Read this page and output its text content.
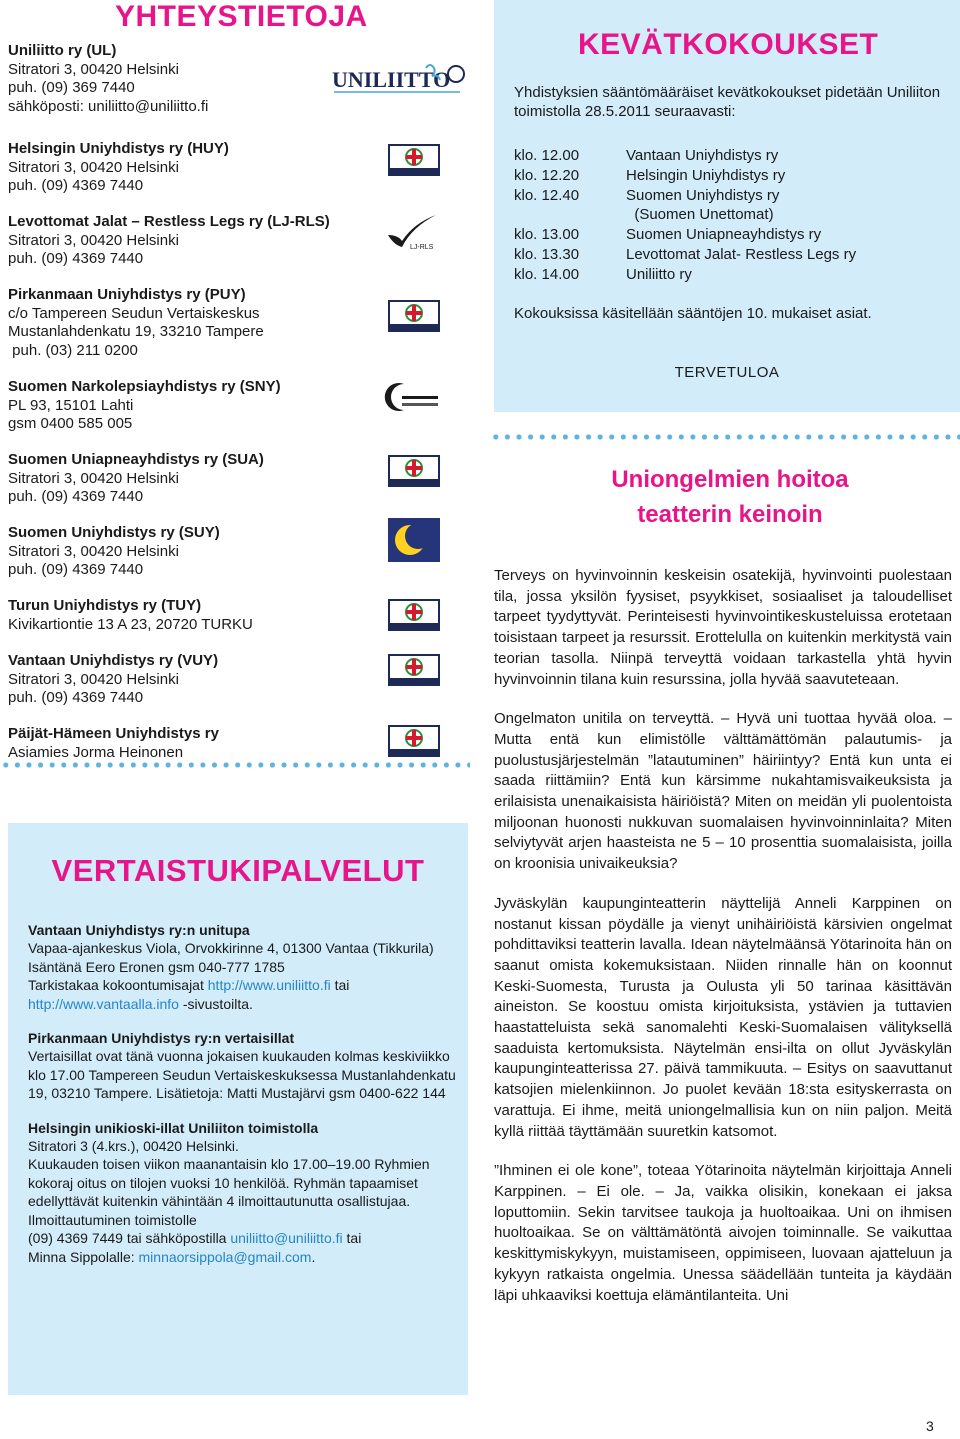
YHTEYSTIETOJA
UNILIITTO
Uniliitto ry (UL)
Sitratori 3, 00420 Helsinki
puh. (09) 369 7440
sähköposti: uniliitto@uniliitto.fi
Helsingin Uniyhdistys ry (HUY)
Sitratori 3, 00420 Helsinki
puh. (09) 4369 7440
Levottomat Jalat – Restless Legs ry (LJ-RLS)
Sitratori 3, 00420 Helsinki
puh. (09) 4369 7440
LJ-RLS
Pirkanmaan Uniyhdistys ry (PUY)
c/o Tampereen Seudun Vertaiskeskus
Mustanlahdenkatu 19, 33210 Tampere
puh. (03) 211 0200
Suomen Narkolepsiayhdistys ry (SNY)
PL 93, 15101 Lahti
gsm 0400 585 005
Suomen Uniapneayhdistys ry (SUA)
Sitratori 3, 00420 Helsinki
puh. (09) 4369 7440
Suomen Uniyhdistys ry (SUY)
Sitratori 3, 00420 Helsinki
puh. (09) 4369 7440
Turun Uniyhdistys ry (TUY)
Kivikartiontie 13 A 23, 20720 TURKU
Vantaan Uniyhdistys ry (VUY)
Sitratori 3, 00420 Helsinki
puh. (09) 4369 7440
Päijät-Hämeen Uniyhdistys ry
Asiamies Jorma Heinonen
VERTAISTUKIPALVELUT

Vantaan Uniyhdistys ry:n unitupa
Vapaa-ajankeskus Viola, Orvokkirinne 4, 01300 Vantaa (Tikkurila)
Isäntänä Eero Eronen gsm 040-777 1785
Tarkistakaa kokoontumisajat http://www.uniliitto.fi tai
http://www.vantaalla.info -sivustoilta.

Pirkanmaan Uniyhdistys ry:n vertaisillat
Vertaisillat ovat tänä vuonna jokaisen kuukauden kolmas keskiviikko klo 17.00 Tampereen Seudun Vertaiskeskuksessa Mustanlahdenkatu 19, 03210 Tampere. Lisätietoja: Matti Mustajärvi gsm 0400-622 144

Helsingin unikioski-illat Uniliiton toimistolla
Sitratori 3 (4.krs.), 00420 Helsinki.
Kuukauden toisen viikon maanantaisin klo 17.00–19.00 Ryhmien kokoraj oitus on tilojen vuoksi 10 henkilöä. Ryhmän tapaamiset edellyttävät kuitenkin vähintään 4 ilmoittautunutta osallistujaa. Ilmoittautuminen toimistolle
(09) 4369 7449 tai sähköpostilla uniliitto@uniliitto.fi tai
Minna Sippolalle: minnaorsippola@gmail.com.

KEVÄTKOKOUKSET
Yhdistyksien sääntömääräiset kevätkokoukset pidetään Uniliiton toimistolla 28.5.2011 seuraavasti:
klo. 12.00	Vantaan Uniyhdistys ry
klo. 12.20	Helsingin Uniyhdistys ry
klo. 12.40	Suomen Uniyhdistys ry
(Suomen Unettomat)
klo. 13.00	Suomen Uniapneayhdistys ry
klo. 13.30	Levottomat Jalat- Restless Legs ry
klo. 14.00	Uniliitto ry
Kokouksissa käsitellään sääntöjen 10. mukaiset asiat.
TERVETULOA
Uniongelmien hoitoa
teatterin keinoin

Terveys on hyvinvoinnin keskeisin osatekijä, hyvinvointi puolestaan tila, jossa yksilön fyysiset, psyykkiset, sosiaaliset ja taloudelliset tarpeet tyydyttyvät. Perinteisesti hyvinvointikeskusteluissa erotetaan toisistaan tarpeet ja resurssit. Erottelulla on kuitenkin merkitystä vain teorian tasolla. Niinpä terveyttä voidaan tarkastella yhtä hyvin hyvinvoinnin tilana kuin resurssina, jolla hyvää saavuteteaan.

Ongelmaton unitila on terveyttä. – Hyvä uni tuottaa hyvää oloa. – Mutta entä kun elimistölle välttämättömän palautumis- ja puolustusjärjestelmän ”latautuminen” häiriintyy? Entä kun unta ei saada riittämiin? Entä kun kärsimme nukahtamisvaikeuksista ja erilaisista unenaikaisista häiriöistä? Miten on meidän yli puolentoista miljoonan huonosti nukkuvan suomalaisen hyvinvoinninlaita? Miten selviytyvät arjen haasteista ne 5 – 10 prosenttia suomalaisista, joilla on kroonisia univaikeuksia?

Jyväskylän kaupunginteatterin näyttelijä Anneli Karppinen on nostanut kissan pöydälle ja vienyt unihäiriöistä kärsivien ongelmat pohdittaviksi teatterin lavalla. Idean näytelmäänsä Yötarinoita hän on saanut omista kokemuksistaan. Niiden rinnalle hän on koonnut Keski-Suomesta, Turusta ja Oulusta yli 50 tarinaa käsittävän aineiston. Se koostuu omista kirjoituksista, ystävien ja tuttavien haastatteluista sekä sanomalehti Keski-Suomalaisen välityksellä saaduista kertomuksista. Näytelmän ensi-ilta on ollut Jyväskylän kaupunginteatterissa 27. päivä tammikuuta. – Esitys on saavuttanut katsojien mielenkiinnon. Jo puolet kevään 18:sta esityskerrasta on varattuja. Ei ihme, meitä uniongelmallisia kun on niin paljon. Meitä kyllä riittää täyttämään suuretkin katsomot.

”Ihminen ei ole kone”, toteaa Yötarinoita näytelmän kirjoittaja Anneli Karppinen. – Ei ole. – Ja, vaikka olisikin, konekaan ei jaksa loputtomiin. Sekin tarvitsee taukoja ja huoltoaikaa. Uni on ihmisen huoltoaikaa. Se on välttämätöntä aivojen toiminnalle. Se vaikuttaa keskittymiskykyyn, muistamiseen, oppimiseen, luovaan ajatteluun ja kykyyn ratkaista ongelmia. Unessa säädellään tunteita ja käydään läpi uhkaaviksi koettuja elämäntilanteita. Uni

3
